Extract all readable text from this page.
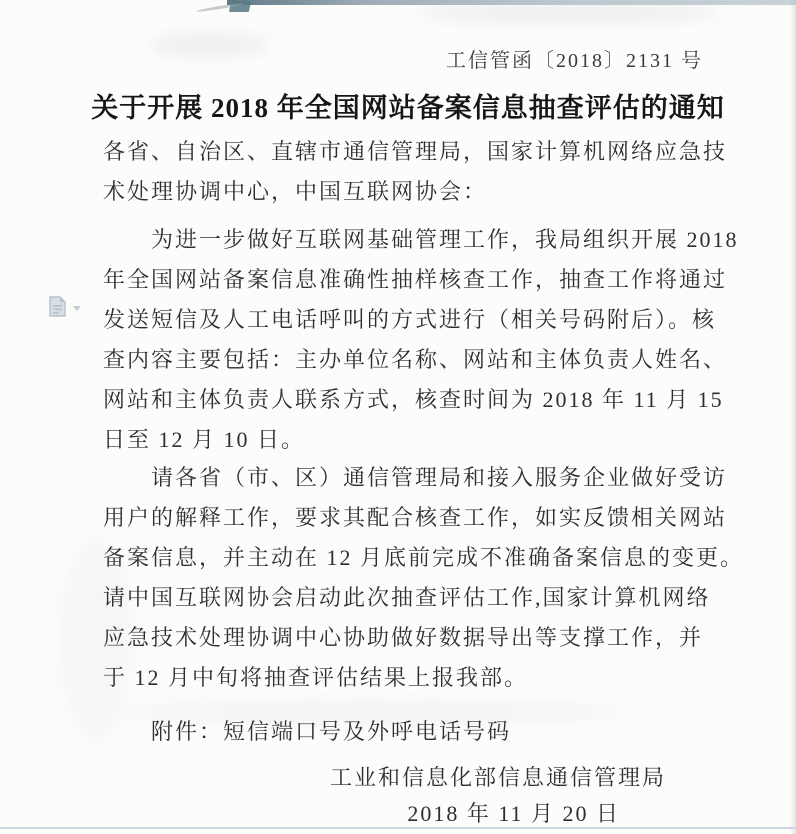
工信管函〔2018〕2131 号
关于开展 2018 年全国网站备案信息抽查评估的通知
各省、自治区、直辖市通信管理局，国家计算机网络应急技
术处理协调中心，中国互联网协会：
为进一步做好互联网基础管理工作，我局组织开展 2018
年全国网站备案信息准确性抽样核查工作，抽查工作将通过
发送短信及人工电话呼叫的方式进行（相关号码附后）。核
查内容主要包括：主办单位名称、网站和主体负责人姓名、
网站和主体负责人联系方式，核查时间为 2018 年 11 月 15
日至 12 月 10 日。
请各省（市、区）通信管理局和接入服务企业做好受访
用户的解释工作，要求其配合核查工作，如实反馈相关网站
备案信息，并主动在 12 月底前完成不准确备案信息的变更。
请中国互联网协会启动此次抽查评估工作,国家计算机网络
应急技术处理协调中心协助做好数据导出等支撑工作，并
于 12 月中旬将抽查评估结果上报我部。
附件：短信端口号及外呼电话号码
工业和信息化部信息通信管理局
2018 年 11 月 20 日
